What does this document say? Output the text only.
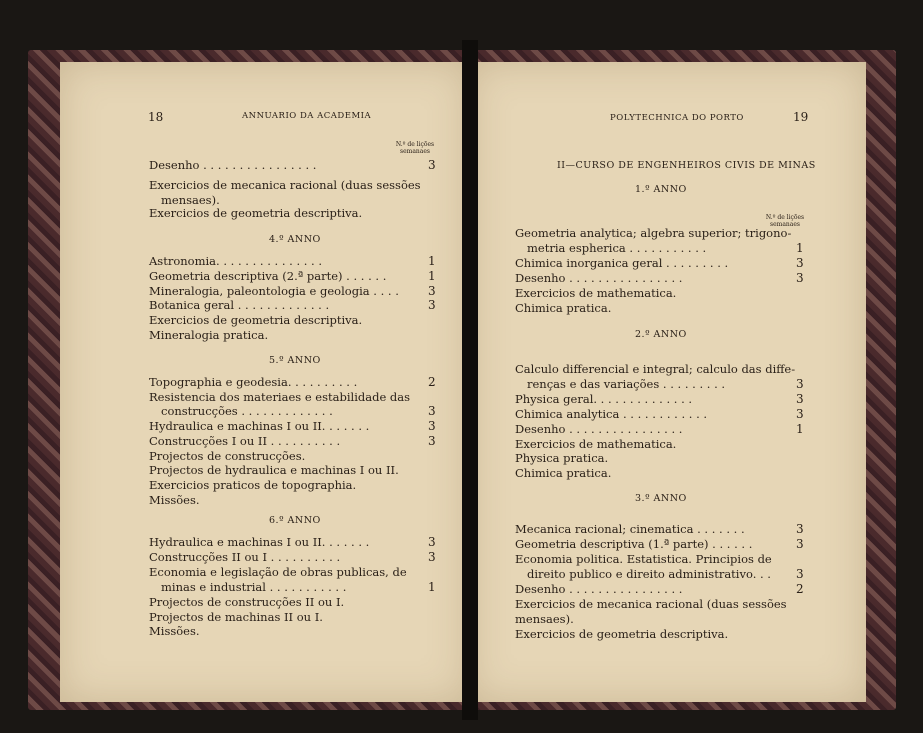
18	ANNUARIO DA ACADEMIA
N.º de lições semanaes
19
POLYTECHNICA DO PORTO
II—CURSO DE ENGENHEIROS CIVIS DE MINAS
N.º de lições semanaes
Desenho . . . . . . . . . . . . . . . .	3
Exercicios de mecanica racional (duas sessões
mensaes).
Exercicios de geometria descriptiva.
4.º ANNO
Astronomia. . . . . . . . . . . . . . .	1
Geometria descriptiva (2.ª parte) . . . . . .	1
Mineralogia, paleontologia e geologia . . . . 3
Botanica geral . . . . . . . . . . . . .	3
Exercicios de geometria descriptiva.
Mineralogia pratica.
5.º ANNO
Topographia e geodesia. . . . . . . . . .	2
Resistencia dos materiaes e estabilidade das
construcções . . . . . . . . . . . . .	3
Hydraulica e machinas I ou II. . . . . . .	3
Construcções I ou II . . . . . . . . . .	3
Projectos de construcções.
Projectos de hydraulica e machinas I ou II.
Exercicios praticos de topographia.
Missões.
6.º ANNO
Hydraulica e machinas I ou II. . . . . . .	3
Construcções II ou I . . . . . . . . . .	3
Economia e legislação de obras publicas, de
minas e industrial . . . . . . . . . . .	1
Projectos de construcções II ou I.
Projectos de machinas II ou I.
Missões.
1.º ANNO
Geometria analytica; algebra superior; trigono-
metria espherica . . . . . . . . . . .	1
Chimica inorganica geral . . . . . . . . .	3
Desenho . . . . . . . . . . . . . . . .	3
Exercicios de mathematica.
Chimica pratica.
2.º ANNO
Calculo differencial e integral; calculo das diffe-
renças e das variações . . . . . . . . .	3
Physica geral. . . . . . . . . . . . . .	3
Chimica analytica . . . . . . . . . . . .	3
Desenho . . . . . . . . . . . . . . . .	1
Exercicios de mathematica.
Physica pratica.
Chimica pratica.
3.º ANNO
Mecanica racional; cinematica . . . . . . .	3
Geometria descriptiva (1.ª parte) . . . . . .	3
Economia politica. Estatistica. Principios de
direito publico e direito administrativo. . . 3
Desenho . . . . . . . . . . . . . . . .	2
Exercicios de mecanica racional (duas sessões
mensaes).
Exercicios de geometria descriptiva.
